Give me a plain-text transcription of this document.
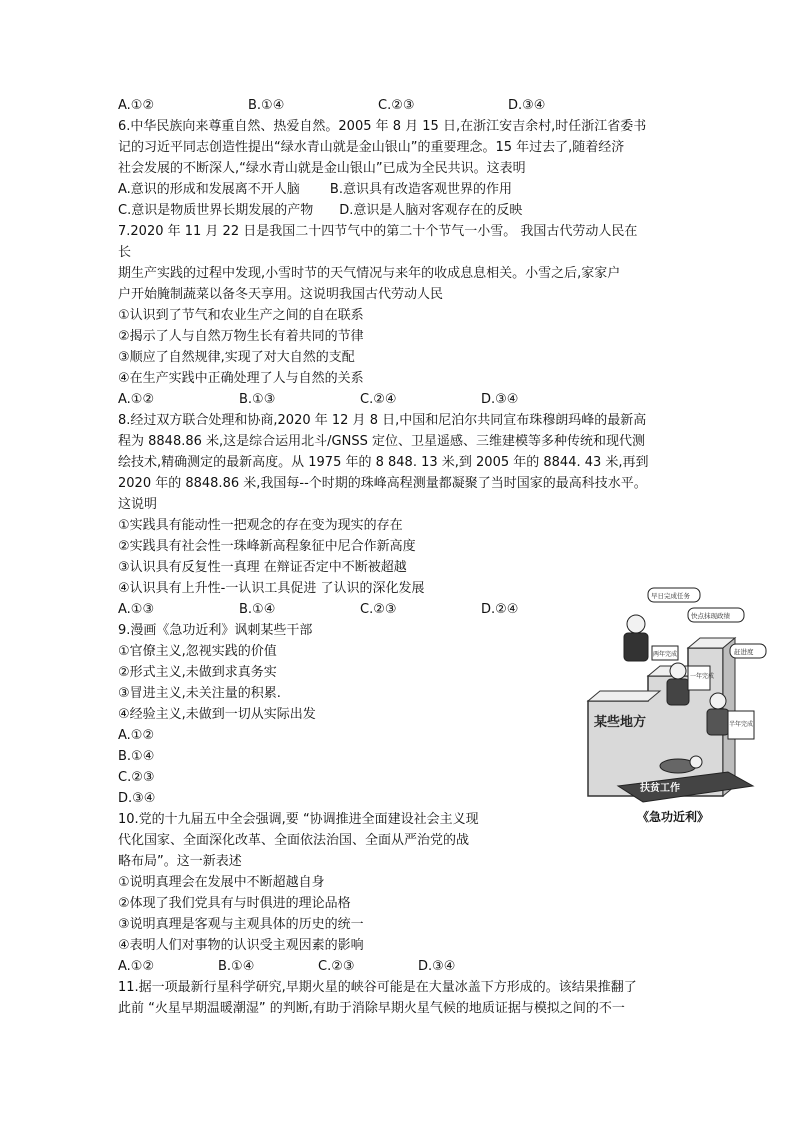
A.①②	B.①④	C.②③	D.③④
6.中华民族向来尊重自然、热爱自然。2005 年 8 月 15 日,在浙江安吉余村,时任浙江省委书
记的习近平同志创造性提出“绿水青山就是金山银山”的重要理念。15 年过去了,随着经济
社会发展的不断深人,“绿水青山就是金山银山”已成为全民共识。这表明
A.意识的形成和发展离不开人脑　　 B.意识具有改造客观世界的作用
C.意识是物质世界长期发展的产物　　D.意识是人脑对客观存在的反映
7.2020 年 11 月 22 日是我国二十四节气中的第二十个节气一小雪。 我国古代劳动人民在
长
期生产实践的过程中发现,小雪时节的天气情况与来年的收成息息相关。小雪之后,家家户
户开始腌制蔬菜以备冬天享用。这说明我国古代劳动人民
①认识到了节气和农业生产之间的自在联系
②揭示了人与自然万物生长有着共同的节律
③顺应了自然规律,实现了对大自然的支配
④在生产实践中正确处理了人与自然的关系
A.①②	B.①③	C.②④	D.③④
8.经过双方联合处理和协商,2020 年 12 月 8 日,中国和尼泊尔共同宣布珠穆朗玛峰的最新高
程为 8848.86 米,这是综合运用北斗/GNSS 定位、卫星遥感、三维建模等多种传统和现代测
绘技术,精确测定的最新高度。从 1975 年的 8 848. 13 米,到 2005 年的 8844. 43 米,再到
2020 年的 8848.86 米,我国每--个时期的珠峰高程测量都凝聚了当时国家的最高科技水平。
这说明
①实践具有能动性一把观念的存在变为现实的存在
②实践具有社会性一珠峰新高程象征中尼合作新高度
③认识具有反复性一真理 在辩证否定中不断被超越
④认识具有上升性-一认识工具促进 了认识的深化发展
A.①③	B.①④	C.②③	D.②④
9.漫画《急功近利》讽刺某些干部
①官僚主义,忽视实践的价值
②形式主义,未做到求真务实
③冒进主义,未关注量的积累.
④经验主义,未做到一切从实际出发
A.①②
B.①④
C.②③
D.③④
10.党的十九届五中全会强调,要 “协调推进全面建设社会主义现
代化国家、全面深化改革、全面依法治国、全面从严治党的战
略布局”。这一新表述
①说明真理会在发展中不断超越自身
②体现了我们党具有与时俱进的理论品格
③说明真理是客观与主观具体的历史的统一
④表明人们对事物的认识受主观因素的影响
A.①②	B.①④	C.②③	D.③④
11.据一项最新行星科学研究,早期火星的峡谷可能是在大量冰盖下方形成的。该结果推翻了
此前 “火星早期温暖潮湿” 的判断,有助于消除早期火星气候的地质证据与模拟之间的不一
某些地方
扶贫工作
两年完成
一年完成
半年完成
早日完成任务
快点抹现政绩
赶进度
《急功近利》
